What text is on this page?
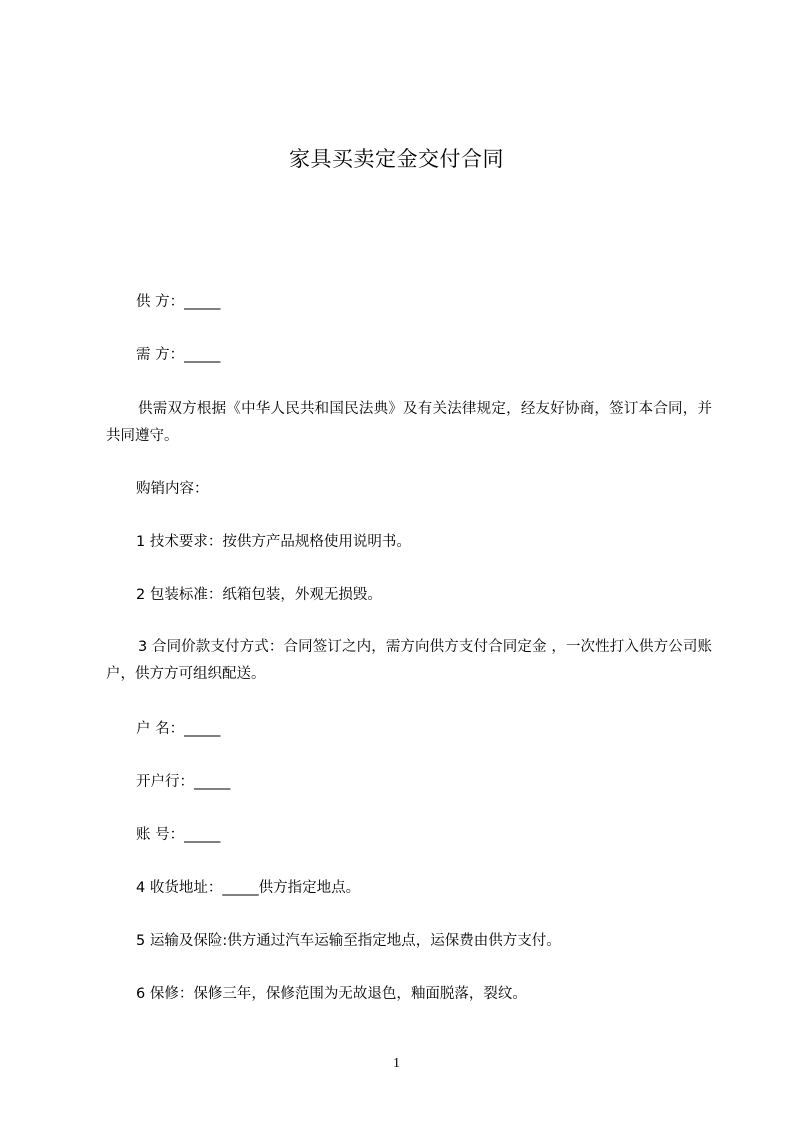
家具买卖定金交付合同
供 方：_____
需 方：_____
供需双方根据《中华人民共和国民法典》及有关法律规定，经友好协商，签订本合同，并共同遵守。
购销内容：
1 技术要求：按供方产品规格使用说明书。
2 包装标准：纸箱包装，外观无损毁。
3 合同价款支付方式：合同签订之内，需方向供方支付合同定金 ，一次性打入供方公司账户，供方方可组织配送。
户 名：_____
开户行：_____
账 号：_____
4 收货地址：_____供方指定地点。
5 运输及保险:供方通过汽车运输至指定地点，运保费由供方支付。
6 保修：保修三年，保修范围为无故退色，釉面脱落，裂纹。
1
